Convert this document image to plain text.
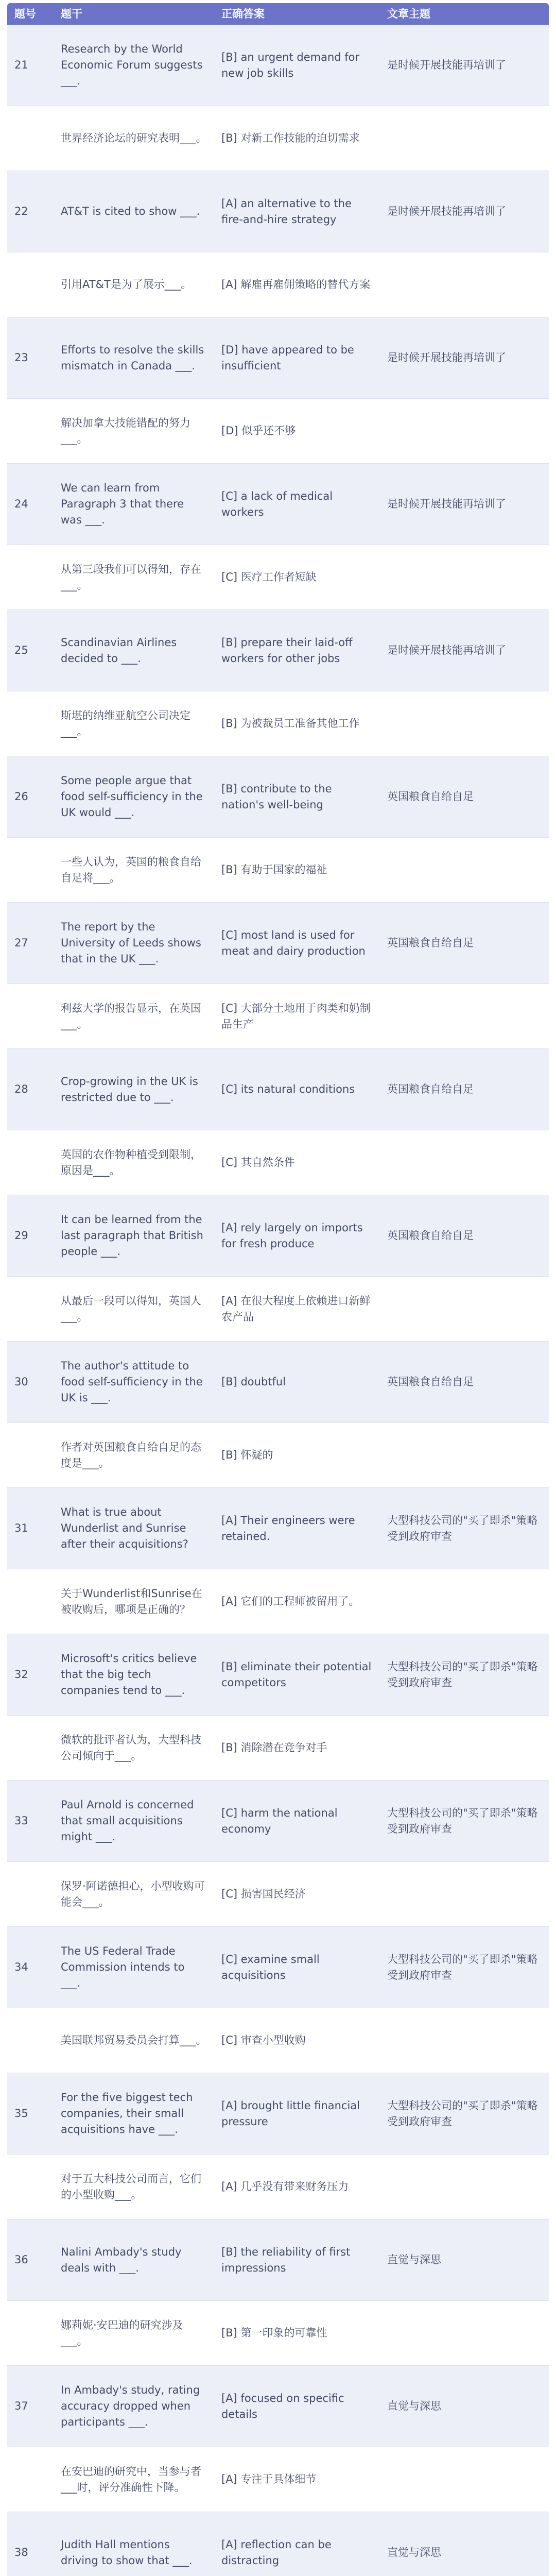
题号	题干	正确答案	文章主题
21	Research by the World Economic Forum suggests ___.	[B] an urgent demand for new job skills	是时候开展技能再培训了
	世界经济论坛的研究表明___。	[B] 对新工作技能的迫切需求	
22	AT&T is cited to show ___.	[A] an alternative to the fire-and-hire strategy	是时候开展技能再培训了
	引用AT&T是为了展示___。	[A] 解雇再雇佣策略的替代方案	
23	Efforts to resolve the skills mismatch in Canada ___.	[D] have appeared to be insufficient	是时候开展技能再培训了
	解决加拿大技能错配的努力___。	[D] 似乎还不够	
24	We can learn from Paragraph 3 that there was ___.	[C] a lack of medical workers	是时候开展技能再培训了
	从第三段我们可以得知，存在___。	[C] 医疗工作者短缺	
25	Scandinavian Airlines decided to ___.	[B] prepare their laid-off workers for other jobs	是时候开展技能再培训了
	斯堪的纳维亚航空公司决定___。	[B] 为被裁员工准备其他工作	
26	Some people argue that food self-sufficiency in the UK would ___.	[B] contribute to the nation's well-being	英国粮食自给自足
	一些人认为，英国的粮食自给自足将___。	[B] 有助于国家的福祉	
27	The report by the University of Leeds shows that in the UK ___.	[C] most land is used for meat and dairy production	英国粮食自给自足
	利兹大学的报告显示，在英国___。	[C] 大部分土地用于肉类和奶制品生产	
28	Crop-growing in the UK is restricted due to ___.	[C] its natural conditions	英国粮食自给自足
	英国的农作物种植受到限制，原因是___。	[C] 其自然条件	
29	It can be learned from the last paragraph that British people ___.	[A] rely largely on imports for fresh produce	英国粮食自给自足
	从最后一段可以得知，英国人___。	[A] 在很大程度上依赖进口新鲜农产品	
30	The author's attitude to food self-sufficiency in the UK is ___.	[B] doubtful	英国粮食自给自足
	作者对英国粮食自给自足的态度是___。	[B] 怀疑的	
31	What is true about Wunderlist and Sunrise after their acquisitions?	[A] Their engineers were retained.	大型科技公司的"买了即杀"策略受到政府审查
	关于Wunderlist和Sunrise在被收购后，哪项是正确的？	[A] 它们的工程师被留用了。	
32	Microsoft's critics believe that the big tech companies tend to ___.	[B] eliminate their potential competitors	大型科技公司的"买了即杀"策略受到政府审查
	微软的批评者认为，大型科技公司倾向于___。	[B] 消除潜在竞争对手	
33	Paul Arnold is concerned that small acquisitions might ___.	[C] harm the national economy	大型科技公司的"买了即杀"策略受到政府审查
	保罗·阿诺德担心，小型收购可能会___。	[C] 损害国民经济	
34	The US Federal Trade Commission intends to ___.	[C] examine small acquisitions	大型科技公司的"买了即杀"策略受到政府审查
	美国联邦贸易委员会打算___。	[C] 审查小型收购	
35	For the five biggest tech companies, their small acquisitions have ___.	[A] brought little financial pressure	大型科技公司的"买了即杀"策略受到政府审查
	对于五大科技公司而言，它们的小型收购___。	[A] 几乎没有带来财务压力	
36	Nalini Ambady's study deals with ___.	[B] the reliability of first impressions	直觉与深思
	娜莉妮·安巴迪的研究涉及___。	[B] 第一印象的可靠性	
37	In Ambady's study, rating accuracy dropped when participants ___.	[A] focused on specific details	直觉与深思
	在安巴迪的研究中，当参与者___时，评分准确性下降。	[A] 专注于具体细节	
38	Judith Hall mentions driving to show that ___.	[A] reflection can be distracting	直觉与深思
